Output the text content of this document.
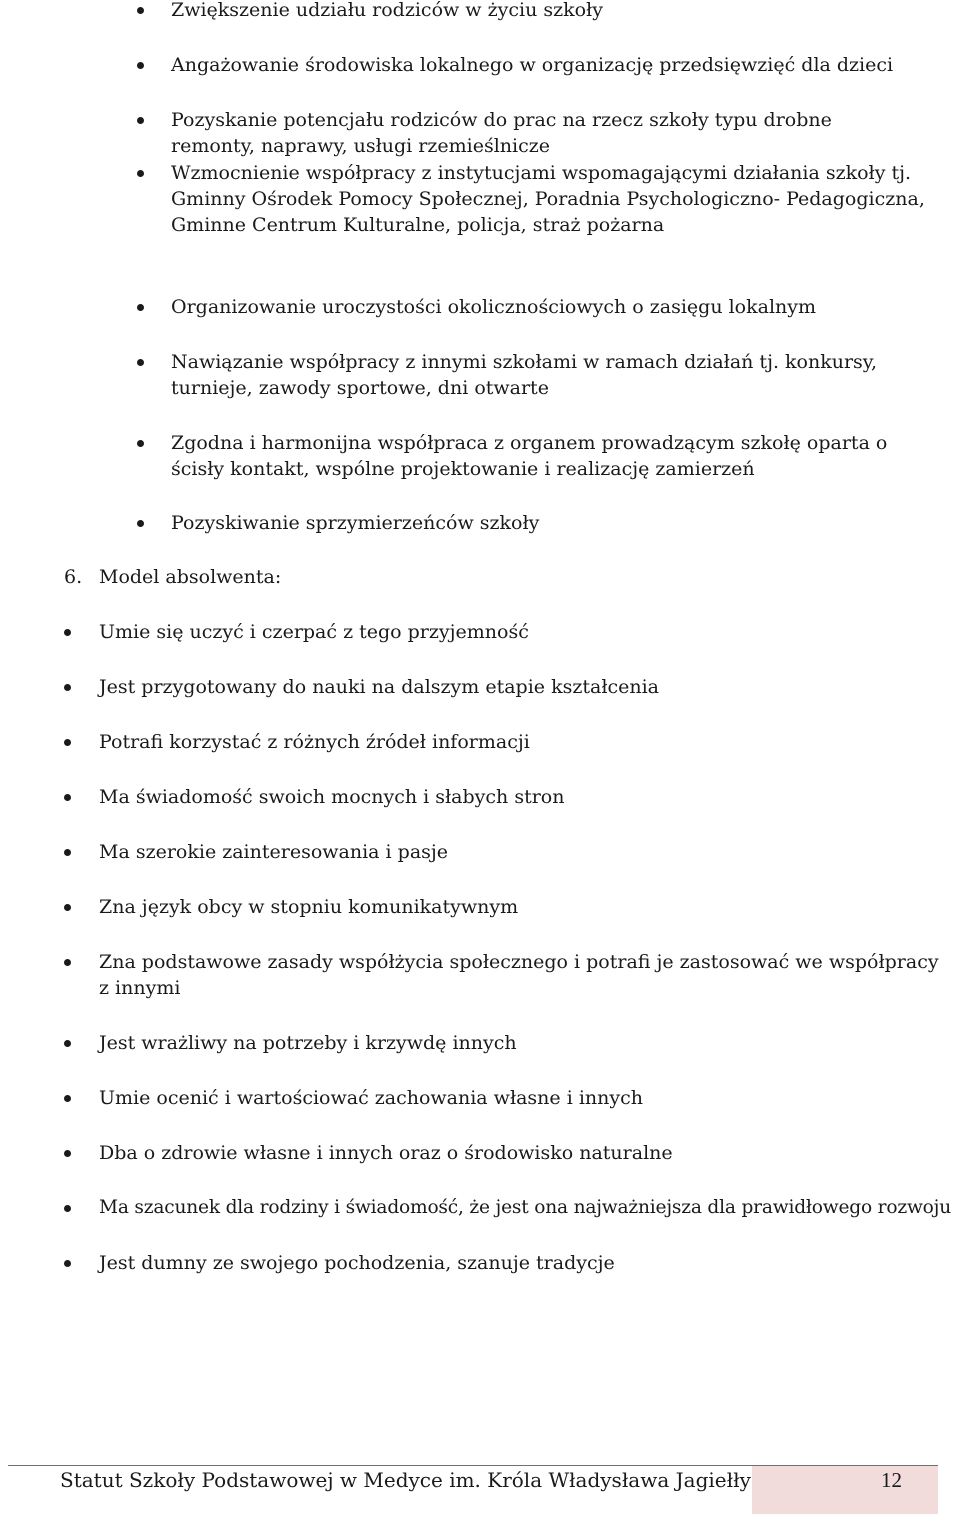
Zwiększenie udziału rodziców w życiu szkoły
Angażowanie środowiska lokalnego w organizację przedsięwzięć dla dzieci
Pozyskanie potencjału rodziców do prac na rzecz szkoły typu drobne remonty, naprawy, usługi rzemieślnicze
Wzmocnienie współpracy z instytucjami wspomagającymi działania szkoły tj. Gminny Ośrodek Pomocy Społecznej, Poradnia Psychologiczno- Pedagogiczna, Gminne Centrum Kulturalne, policja, straż pożarna
Organizowanie uroczystości okolicznościowych o zasięgu lokalnym
Nawiązanie współpracy z innymi szkołami w ramach działań tj. konkursy, turnieje, zawody sportowe, dni otwarte
Zgodna i harmonijna współpraca z organem prowadzącym szkołę oparta o ścisły kontakt, wspólne projektowanie i realizację zamierzeń
Pozyskiwanie sprzymierzeńców szkoły
6. Model absolwenta:
Umie się uczyć i czerpać z tego przyjemność
Jest przygotowany do nauki na dalszym etapie kształcenia
Potrafi korzystać z różnych źródeł informacji
Ma świadomość swoich mocnych i słabych stron
Ma szerokie zainteresowania i pasje
Zna język obcy w stopniu komunikatywnym
Zna podstawowe zasady współżycia społecznego i potrafi je zastosować we współpracy z innymi
Jest wrażliwy na potrzeby i krzywdę innych
Umie ocenić i wartościować zachowania własne i innych
Dba o zdrowie własne i innych oraz o środowisko naturalne
Ma szacunek dla rodziny i świadomość, że jest ona najważniejsza dla prawidłowego rozwoju
Jest dumny ze swojego pochodzenia, szanuje tradycje
12
Statut Szkoły Podstawowej w Medyce im. Króla Władysława Jagiełły
